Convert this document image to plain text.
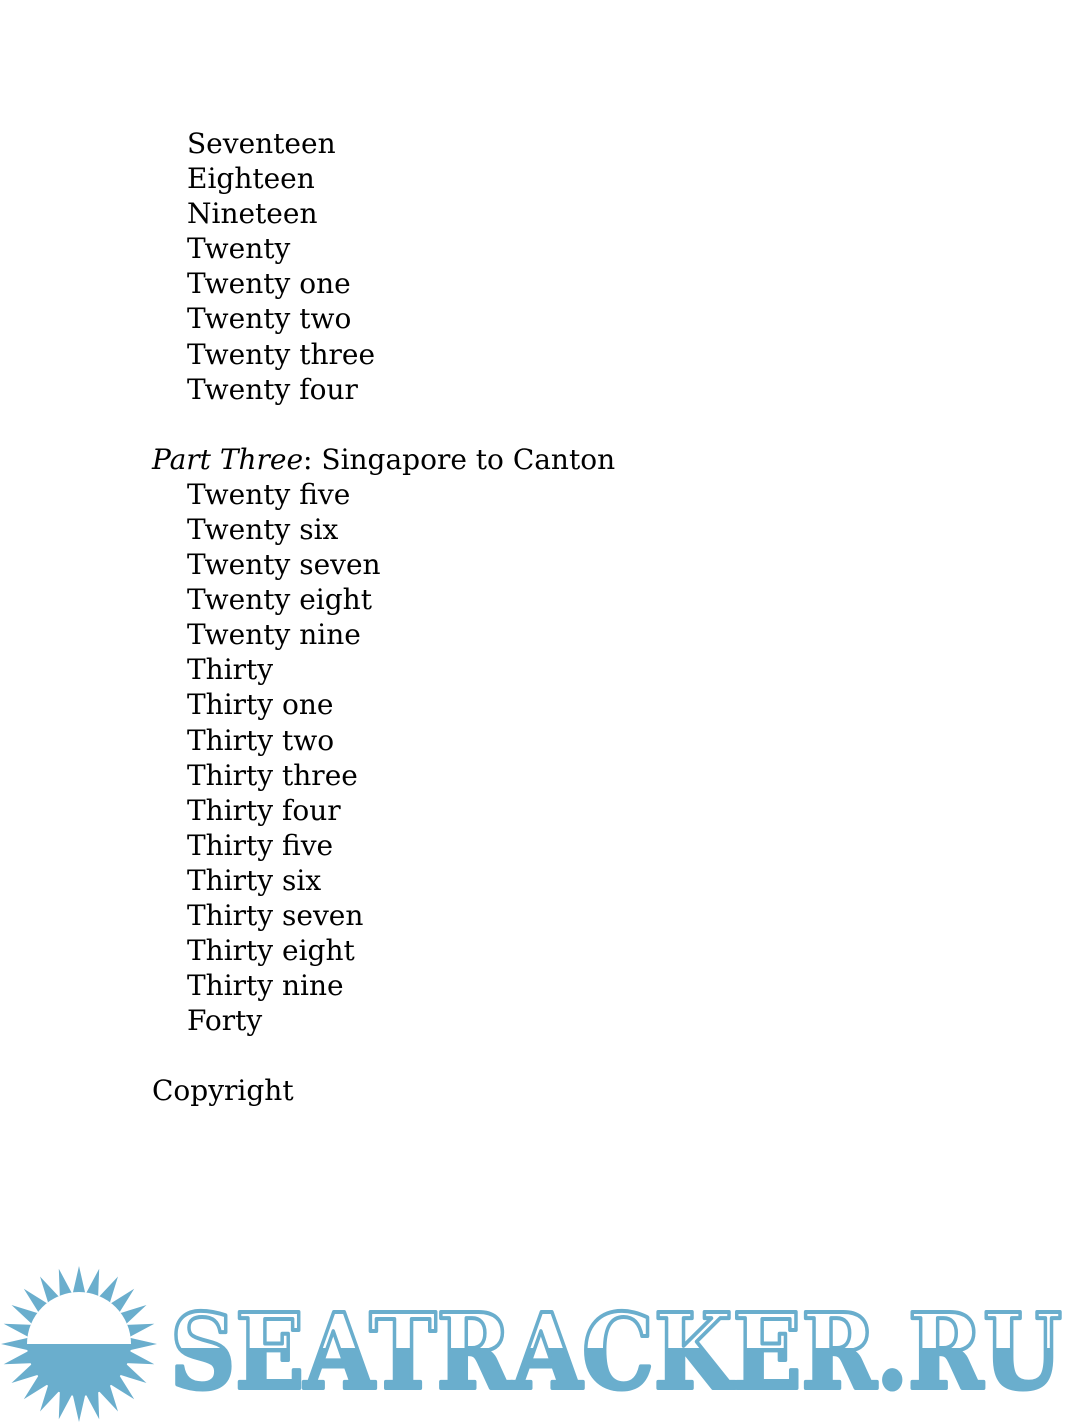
Seventeen
Eighteen
Nineteen
Twenty
Twenty one
Twenty two
Twenty three
Twenty four
Part Three: Singapore to Canton
Twenty five
Twenty six
Twenty seven
Twenty eight
Twenty nine
Thirty
Thirty one
Thirty two
Thirty three
Thirty four
Thirty five
Thirty six
Thirty seven
Thirty eight
Thirty nine
Forty
Copyright
SEATRACKER.RU
